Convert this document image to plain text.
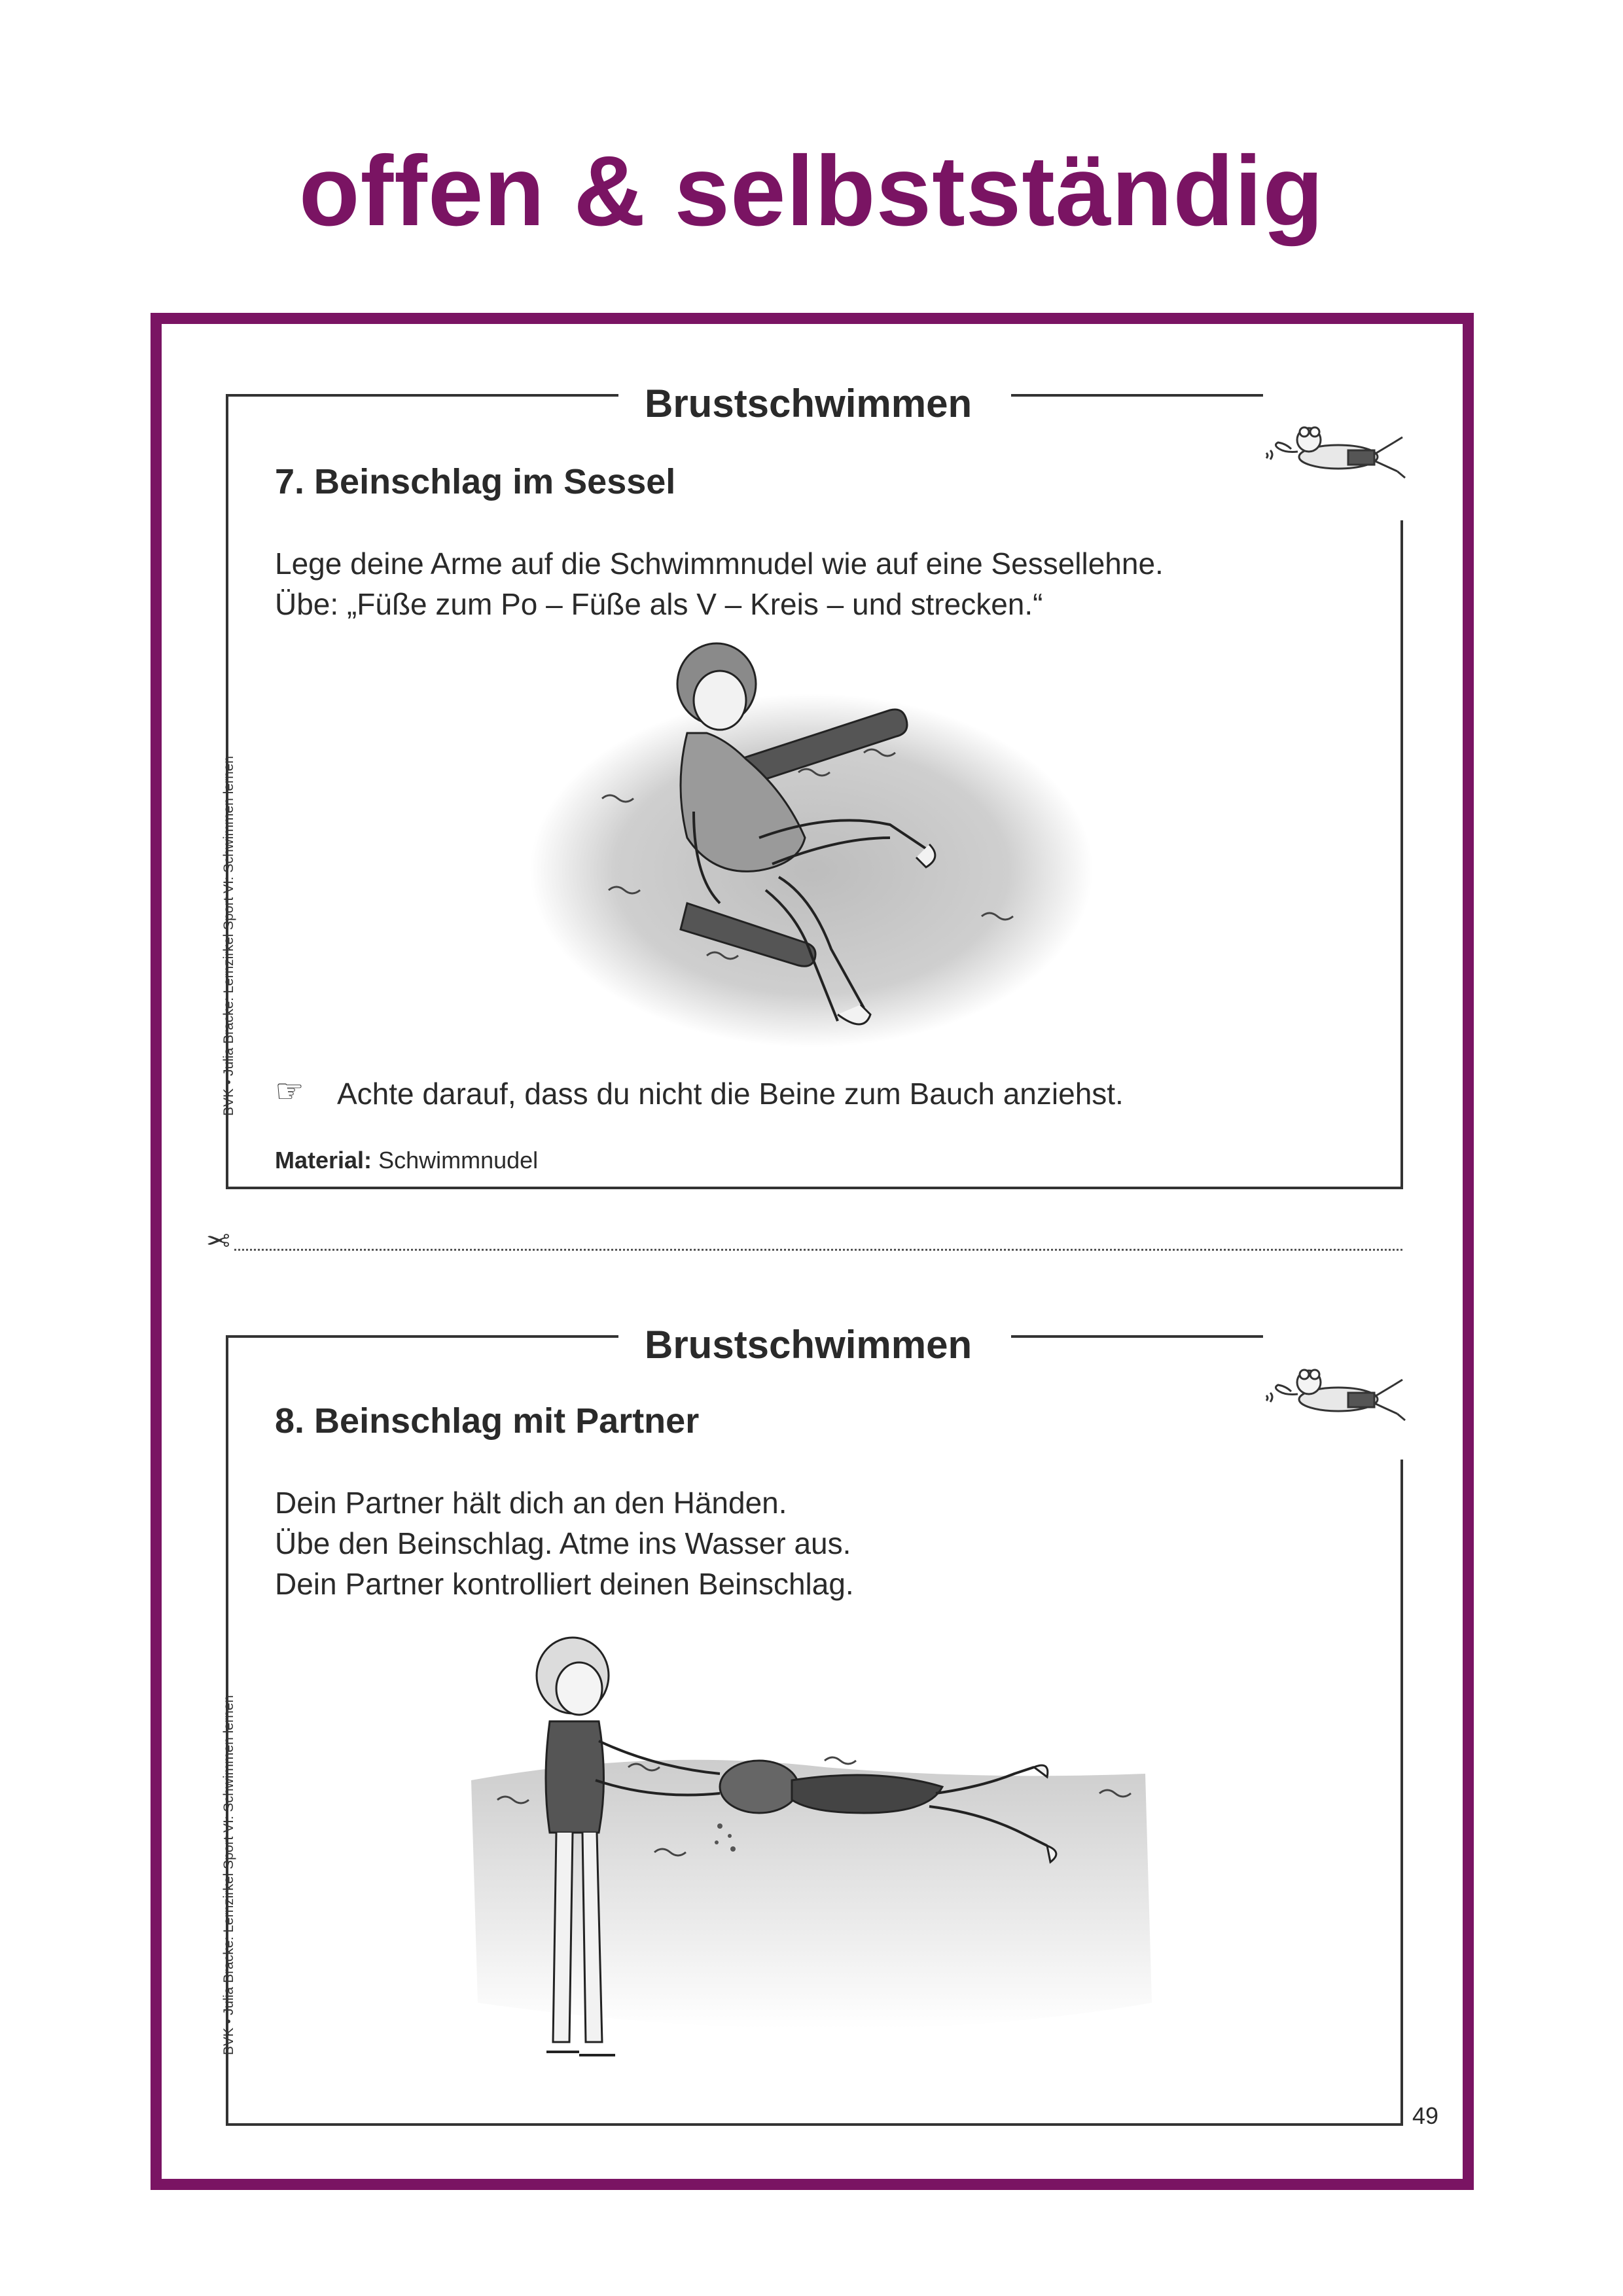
offen & selbstständig
Brustschwimmen
7. Beinschlag im Sessel
Lege deine Arme auf die Schwimmnudel wie auf eine Sessellehne.
Übe: „Füße zum Po – Füße als V – Kreis – und strecken.“
☞ Achte darauf, dass du nicht die Beine zum Bauch anziehst.
Material: Schwimmnudel
BVK • Julia Bracke: Lernzirkel Sport VI: Schwimmen lernen
✂
Brustschwimmen
8. Beinschlag mit Partner
Dein Partner hält dich an den Händen.
Übe den Beinschlag. Atme ins Wasser aus.
Dein Partner kontrolliert deinen Beinschlag.
BVK • Julia Bracke: Lernzirkel Sport VI: Schwimmen lernen
49
